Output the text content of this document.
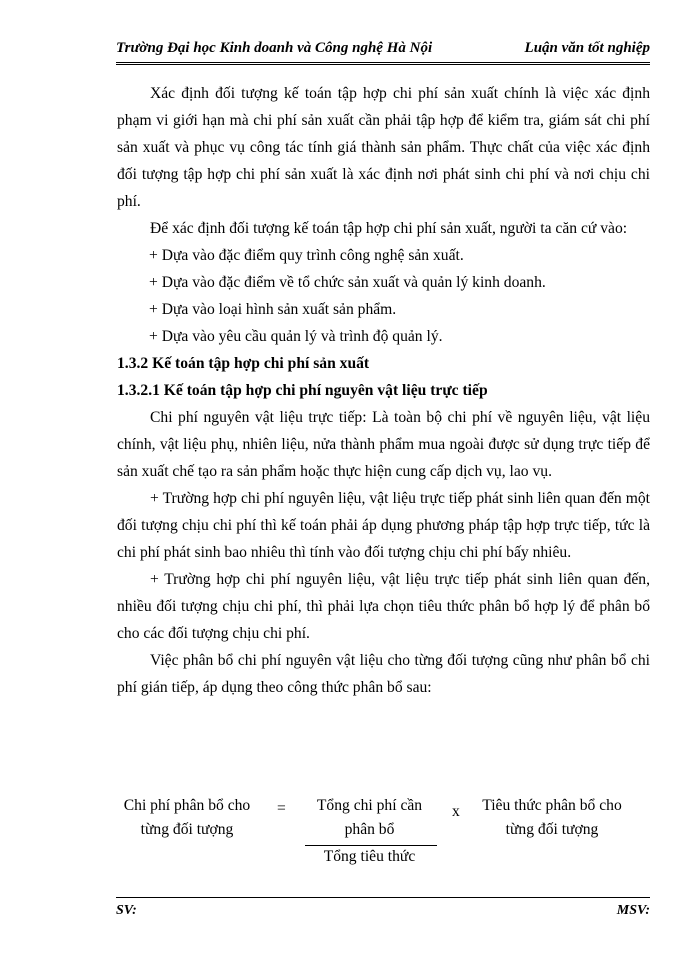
Trường Đại học Kinh doanh và Công nghệ Hà Nội	Luận văn tốt nghiệp

Xác định đối tượng kế toán tập hợp chi phí sản xuất chính là việc xác định phạm vi giới hạn mà chi phí sản xuất cần phải tập hợp để kiểm tra, giám sát chi phí sản xuất và phục vụ công tác tính giá thành sản phẩm. Thực chất của việc xác định đối tượng tập hợp chi phí sản xuất là xác định nơi phát sinh chi phí và nơi chịu chi phí.

Để xác định đối tượng kế toán tập hợp chi phí sản xuất, người ta căn cứ vào:

+ Dựa vào đặc điểm quy trình công nghệ sản xuất.

+ Dựa vào đặc điểm về tổ chức sản xuất và quản lý kinh doanh.

+ Dựa vào loại hình sản xuất sản phẩm.

+ Dựa vào yêu cầu quản lý và trình độ quản lý.

1.3.2 Kế toán tập hợp chi phí sản xuất

1.3.2.1 Kế toán tập hợp chi phí nguyên vật liệu trực tiếp

Chi phí nguyên vật liệu trực tiếp: Là toàn bộ chi phí về nguyên liệu, vật liệu chính, vật liệu phụ, nhiên liệu, nửa thành phẩm mua ngoài được sử dụng trực tiếp để sản xuất chế tạo ra sản phẩm hoặc thực hiện cung cấp dịch vụ, lao vụ.

+ Trường hợp chi phí nguyên liệu, vật liệu trực tiếp phát sinh liên quan đến một đối tượng chịu chi phí thì kế toán phải áp dụng phương pháp tập hợp trực tiếp, tức là chi phí phát sinh bao nhiêu thì tính vào đối tượng chịu chi phí bấy nhiêu.

+ Trường hợp chi phí nguyên liệu, vật liệu trực tiếp phát sinh liên quan đến, nhiều đối tượng chịu chi phí, thì phải lựa chọn tiêu thức phân bổ hợp lý để phân bổ cho các đối tượng chịu chi phí.

Việc phân bổ chi phí nguyên vật liệu cho từng đối tượng cũng như phân bổ chi phí gián tiếp, áp dụng theo công thức phân bổ sau:

Chi phí phân bổ cho
từng đối tượng
=	Tổng chi phí cần
phân bổ
Tổng tiêu thức
x	Tiêu thức phân bổ cho
từng đối tượng
SV:	MSV:
